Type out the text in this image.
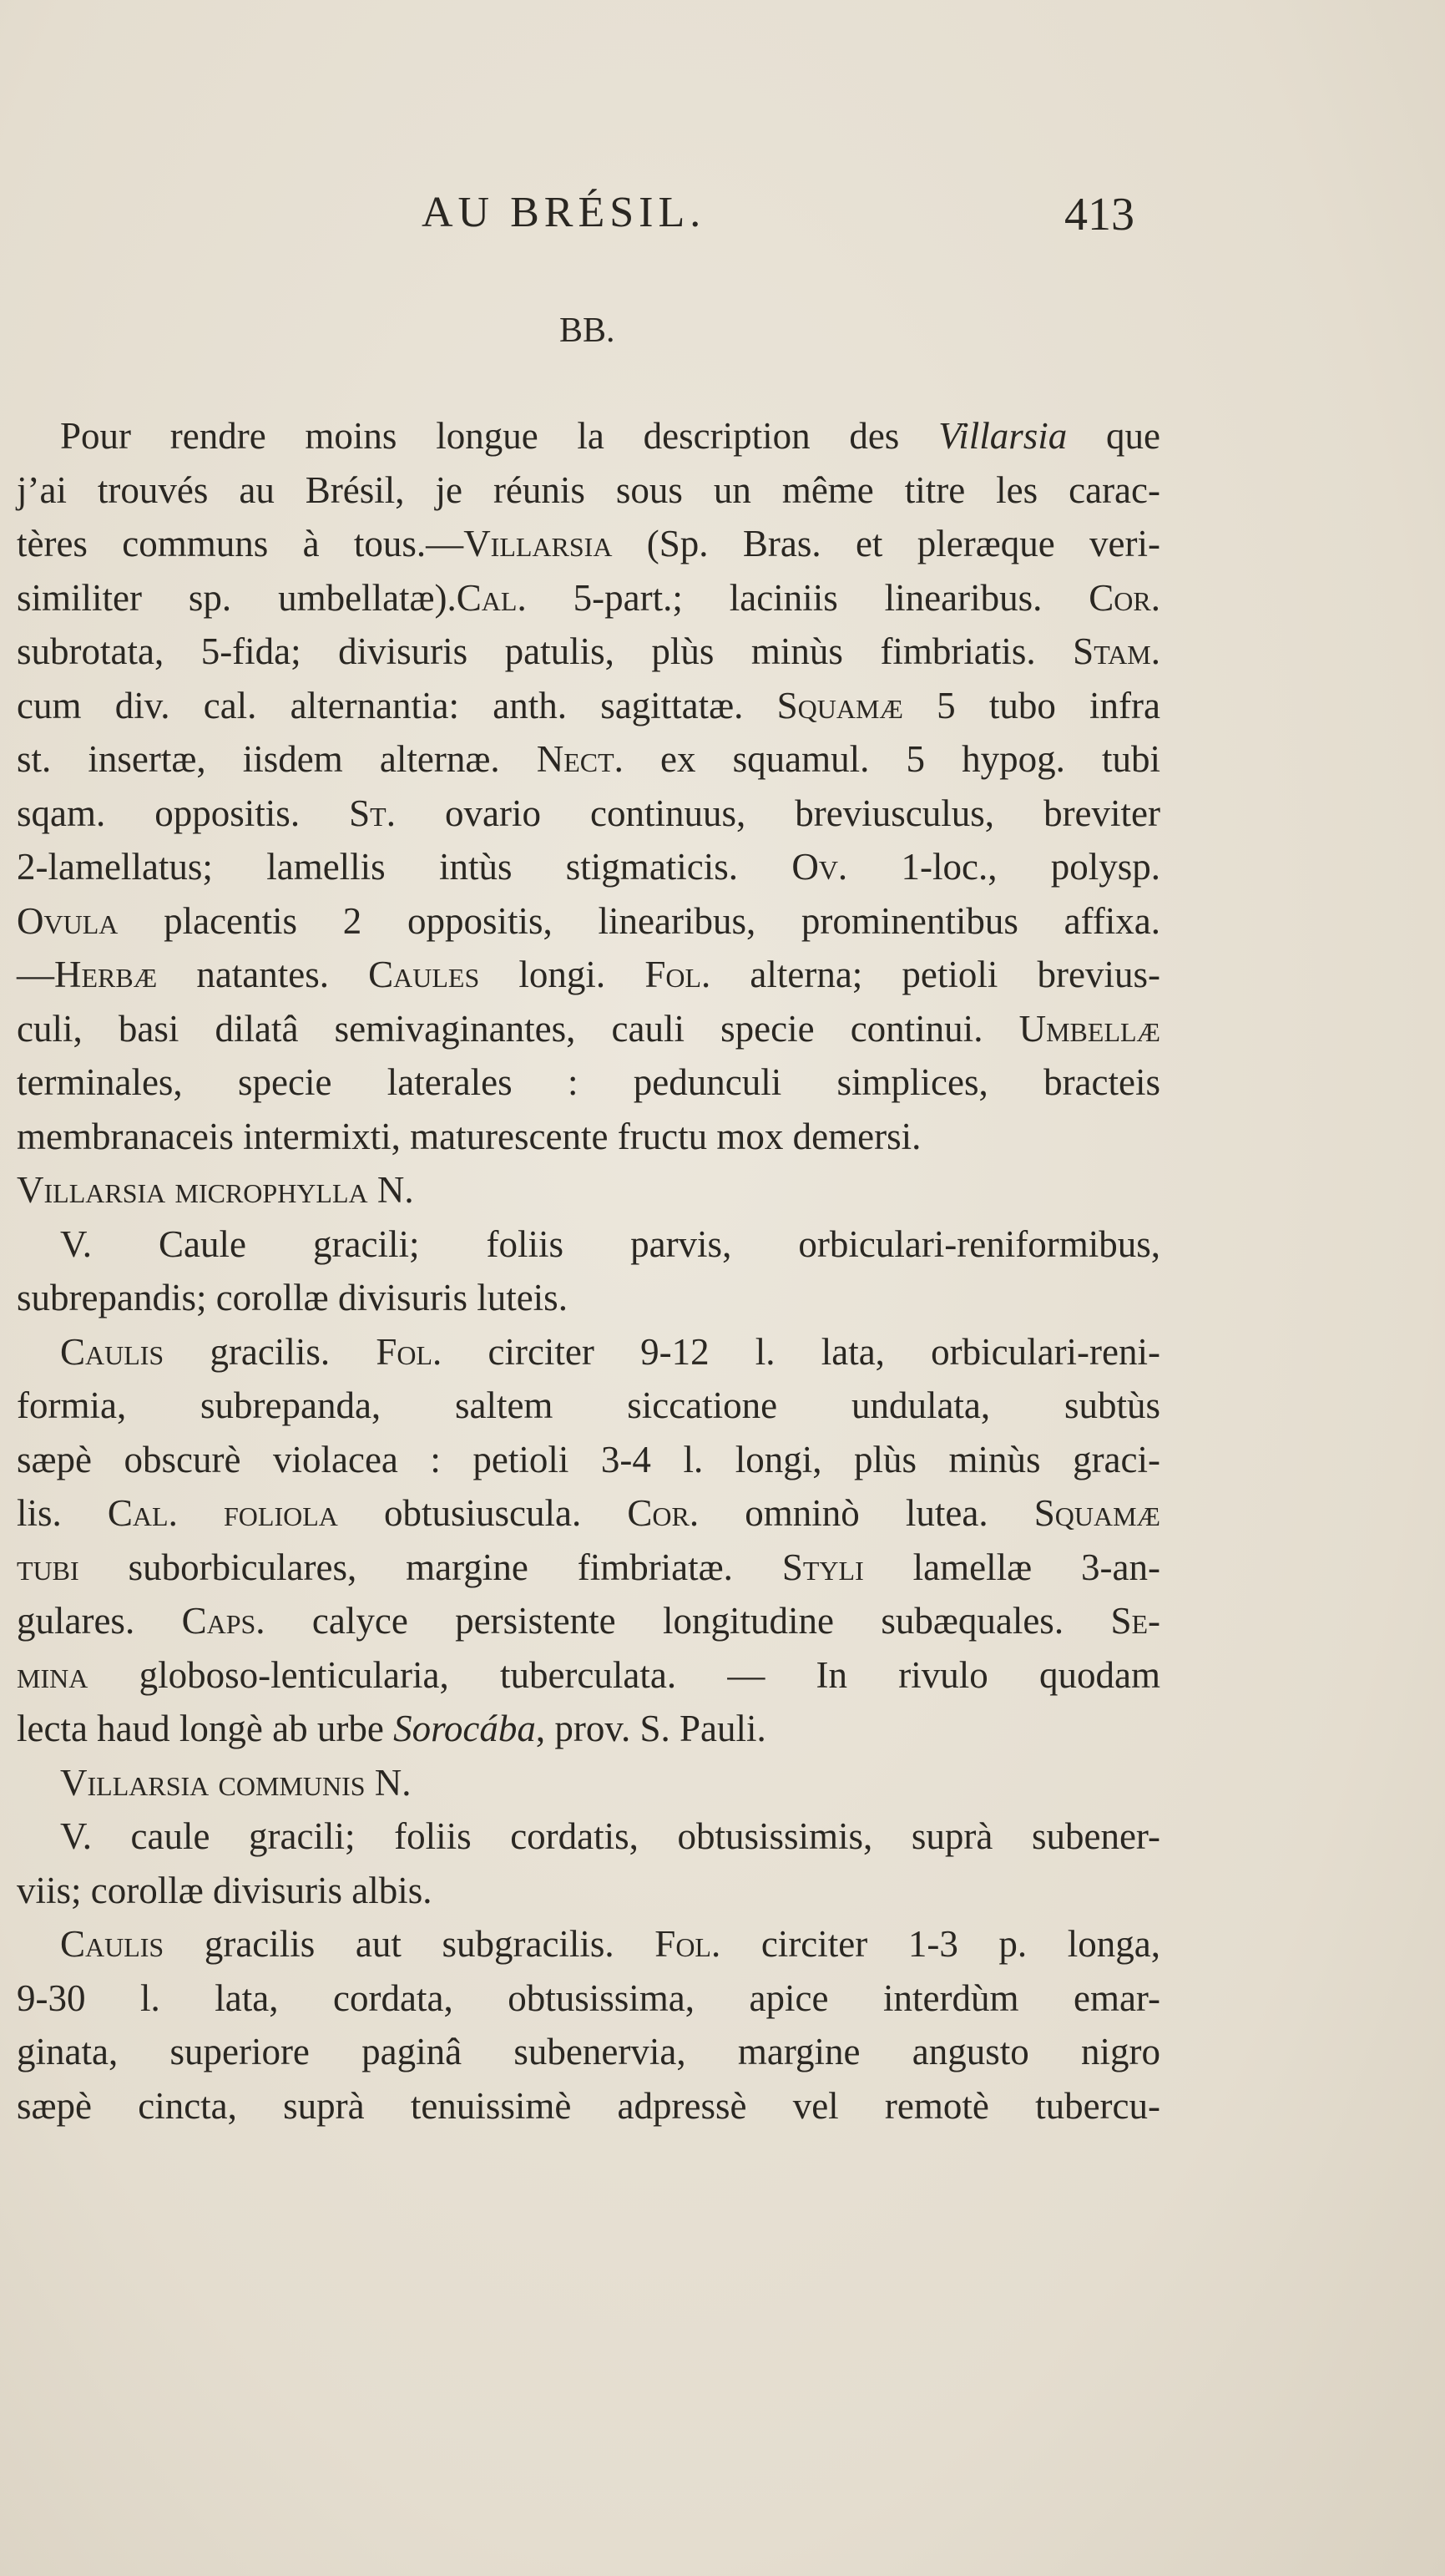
AU BRÉSIL.	413
BB.
Pour rendre moins longue la description des Villarsia que
j’ai trouvés au Brésil, je réunis sous un même titre les carac-
tères communs à tous.—Villarsia (Sp. Bras. et pleræque veri-
similiter sp. umbellatæ).Cal. 5-part.; laciniis linearibus. Cor.
subrotata, 5-fida; divisuris patulis, plùs minùs fimbriatis. Stam.
cum div. cal. alternantia: anth. sagittatæ. Squamæ 5 tubo infra
st. insertæ, iisdem alternæ. Nect. ex squamul. 5 hypog. tubi
sqam. oppositis. St. ovario continuus, breviusculus, breviter
2-lamellatus; lamellis intùs stigmaticis. Ov. 1-loc., polysp.
Ovula placentis 2 oppositis, linearibus, prominentibus affixa.
—Herbæ natantes. Caules longi. Fol. alterna; petioli brevius-
culi, basi dilatâ semivaginantes, cauli specie continui. Umbellæ
terminales, specie laterales : pedunculi simplices, bracteis
membranaceis intermixti, maturescente fructu mox demersi.
Villarsia microphylla N.
V. Caule gracili; foliis parvis, orbiculari-reniformibus,
subrepandis; corollæ divisuris luteis.
Caulis gracilis. Fol. circiter 9-12 l. lata, orbiculari-reni-
formia, subrepanda, saltem siccatione undulata, subtùs
sæpè obscurè violacea : petioli 3-4 l. longi, plùs minùs graci-
lis. Cal. foliola obtusiuscula. Cor. omninò lutea. Squamæ
tubi suborbiculares, margine fimbriatæ. Styli lamellæ 3-an-
gulares. Caps. calyce persistente longitudine subæquales. Se-
mina globoso-lenticularia, tuberculata. — In rivulo quodam
lecta haud longè ab urbe Sorocába, prov. S. Pauli.
Villarsia communis N.
V. caule gracili; foliis cordatis, obtusissimis, suprà subener-
viis; corollæ divisuris albis.
Caulis gracilis aut subgracilis. Fol. circiter 1-3 p. longa,
9-30 l. lata, cordata, obtusissima, apice interdùm emar-
ginata, superiore paginâ subenervia, margine angusto nigro
sæpè cincta, suprà tenuissimè adpressè vel remotè tubercu-
